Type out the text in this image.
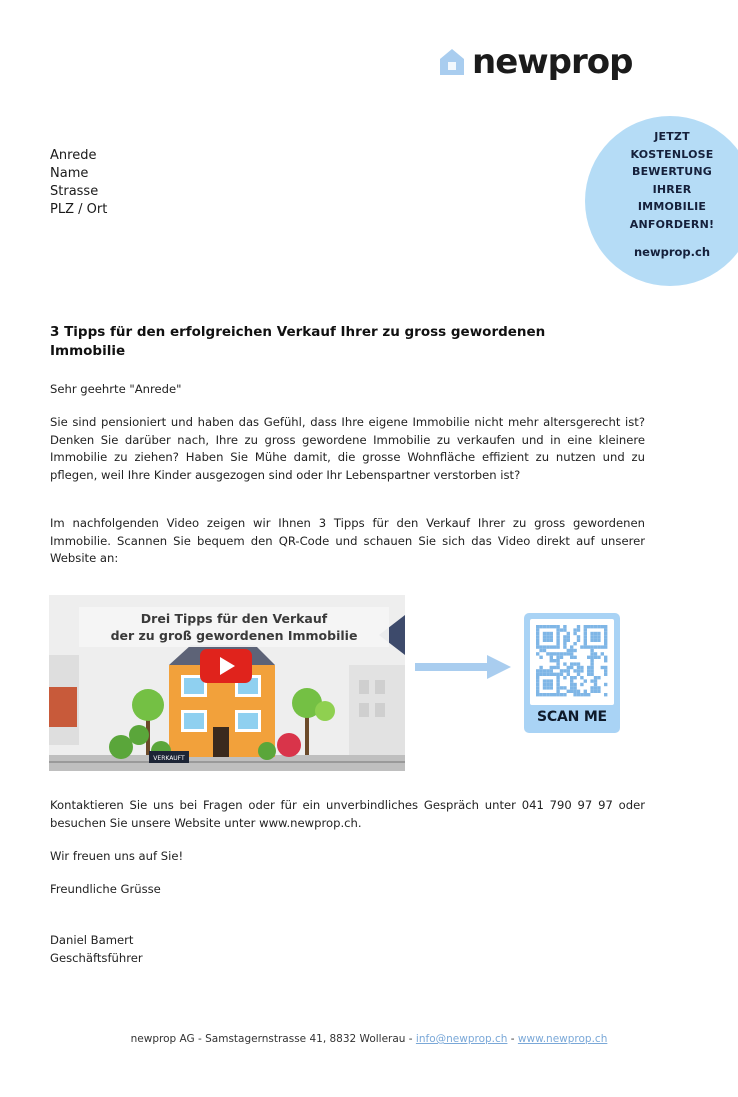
newprop
Anrede
Name
Strasse
PLZ / Ort
JETZT
KOSTENLOSE
BEWERTUNG
IHRER
IMMOBILIE
ANFORDERN!
newprop.ch
3 Tipps für den erfolgreichen Verkauf Ihrer zu gross gewordenen Immobilie
Sehr geehrte "Anrede"
Sie sind pensioniert und haben das Gefühl, dass Ihre eigene Immobilie nicht mehr altersgerecht ist? Denken Sie darüber nach, Ihre zu gross gewordene Immobilie zu verkaufen und in eine kleinere Immobilie zu ziehen? Haben Sie Mühe damit, die grosse Wohnfläche effizient zu nutzen und zu pflegen, weil Ihre Kinder ausgezogen sind oder Ihr Lebenspartner verstorben ist?
Im nachfolgenden Video zeigen wir Ihnen 3 Tipps für den Verkauf Ihrer zu gross gewordenen Immobilie. Scannen Sie bequem den QR-Code und schauen Sie sich das Video direkt auf unserer Website an:
VERKAUFT
Drei Tipps für den Verkauf
der zu groß gewordenen Immobilie
SCAN ME
Kontaktieren Sie uns bei Fragen oder für ein unverbindliches Gespräch unter 041 790 97 97 oder besuchen Sie unsere Website unter www.newprop.ch.
Wir freuen uns auf Sie!
Freundliche Grüsse
Daniel Bamert
Geschäftsführer
newprop AG - Samstagernstrasse 41, 8832 Wollerau - info@newprop.ch - www.newprop.ch
